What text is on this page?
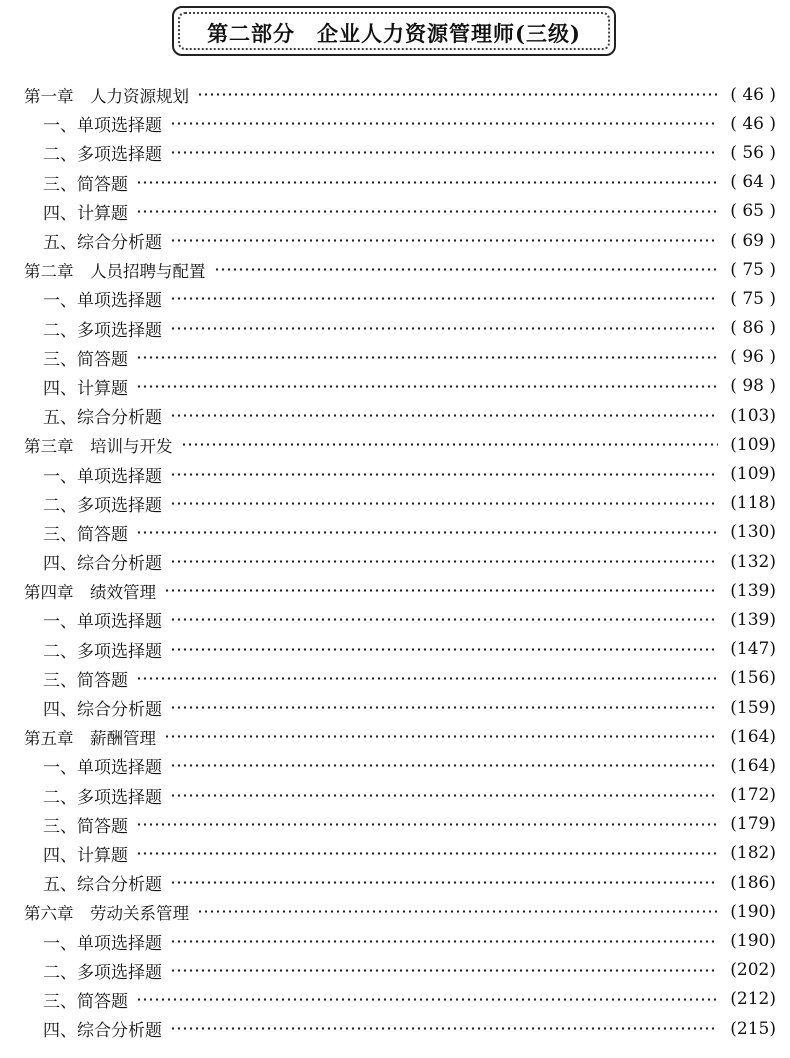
第二部分　企业人力资源管理师(三级)
第一章　人力资源规划	( 46 )
一、单项选择题	( 46 )
二、多项选择题	( 56 )
三、简答题	( 64 )
四、计算题	( 65 )
五、综合分析题	( 69 )
第二章　人员招聘与配置	( 75 )
一、单项选择题	( 75 )
二、多项选择题	( 86 )
三、简答题	( 96 )
四、计算题	( 98 )
五、综合分析题	(103)
第三章　培训与开发	(109)
一、单项选择题	(109)
二、多项选择题	(118)
三、简答题	(130)
四、综合分析题	(132)
第四章　绩效管理	(139)
一、单项选择题	(139)
二、多项选择题	(147)
三、简答题	(156)
四、综合分析题	(159)
第五章　薪酬管理	(164)
一、单项选择题	(164)
二、多项选择题	(172)
三、简答题	(179)
四、计算题	(182)
五、综合分析题	(186)
第六章　劳动关系管理	(190)
一、单项选择题	(190)
二、多项选择题	(202)
三、简答题	(212)
四、综合分析题	(215)
